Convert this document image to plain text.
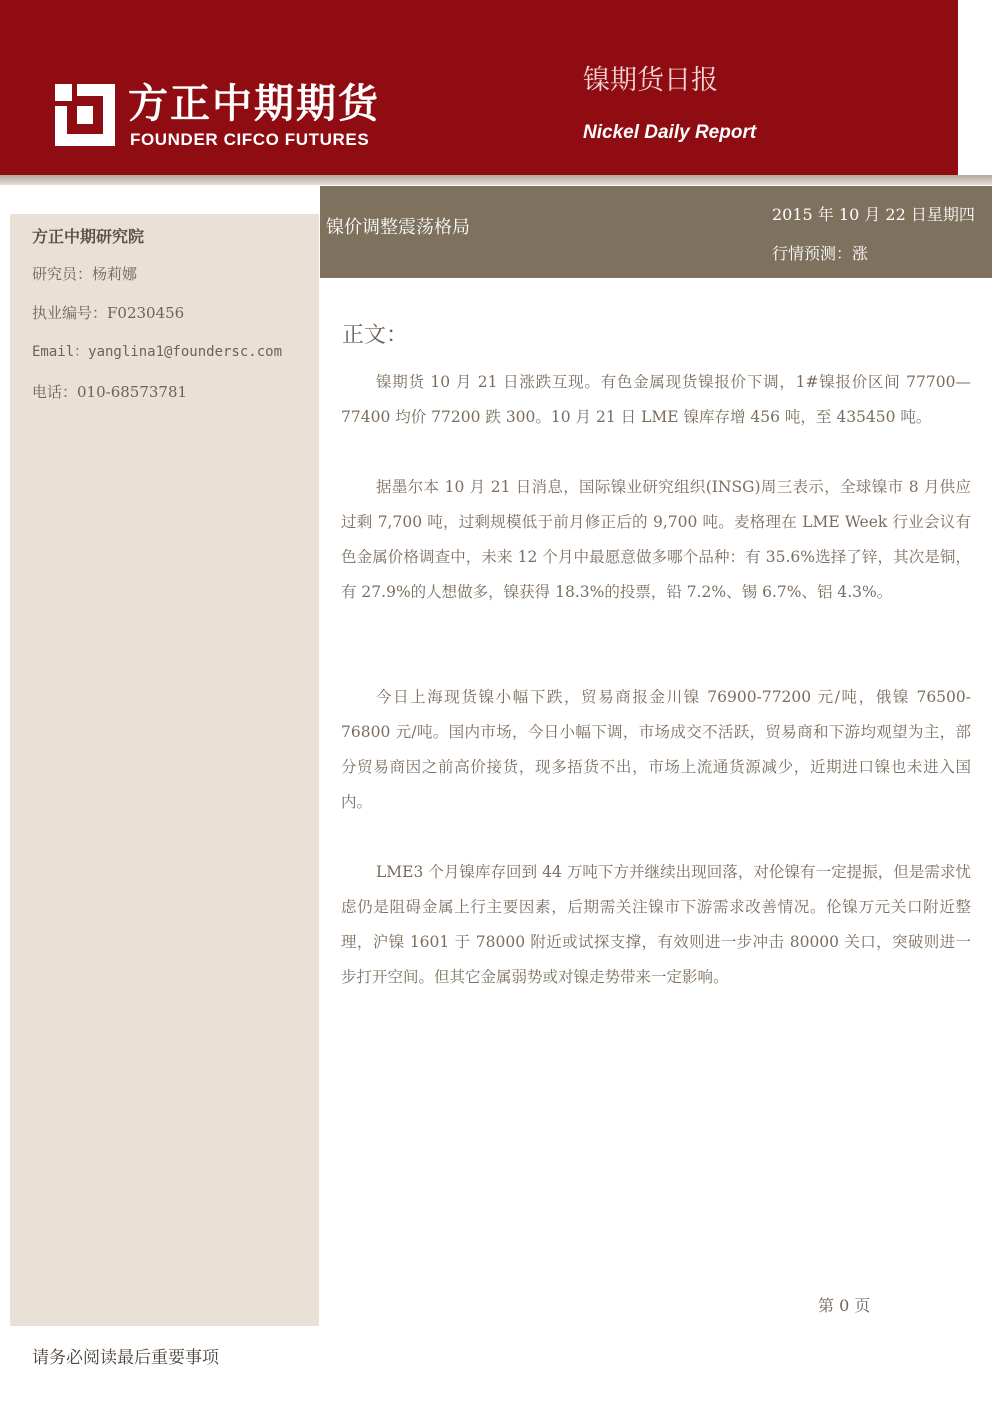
方正中期期货
FOUNDER CIFCO FUTURES
镍期货日报
Nickel Daily Report
方正中期研究院
研究员：杨莉娜
执业编号：F0230456
Email：yanglina1@foundersc.com
电话：010-68573781
镍价调整震荡格局
2015 年 10 月 22 日星期四
行情预测：涨
正文：

镍期货 10 月 21 日涨跌互现。有色金属现货镍报价下调，1#镍报价区间 77700—77400 均价 77200 跌 300。10 月 21 日 LME 镍库存增 456 吨，至 435450 吨。

据墨尔本 10 月 21 日消息，国际镍业研究组织(INSG)周三表示，全球镍市 8 月供应过剩 7,700 吨，过剩规模低于前月修正后的 9,700 吨。麦格理在 LME Week 行业会议有色金属价格调查中，未来 12 个月中最愿意做多哪个品种：有 35.6%选择了锌，其次是铜，有 27.9%的人想做多，镍获得 18.3%的投票，铅 7.2%、锡 6.7%、铝 4.3%。

今日上海现货镍小幅下跌，贸易商报金川镍 76900-77200 元/吨，俄镍 76500-76800 元/吨。国内市场，今日小幅下调，市场成交不活跃，贸易商和下游均观望为主，部分贸易商因之前高价接货，现多捂货不出，市场上流通货源减少，近期进口镍也未进入国内。

LME3 个月镍库存回到 44 万吨下方并继续出现回落，对伦镍有一定提振，但是需求忧虑仍是阻碍金属上行主要因素，后期需关注镍市下游需求改善情况。伦镍万元关口附近整理，沪镍 1601 于 78000 附近或试探支撑，有效则进一步冲击 80000 关口，突破则进一步打开空间。但其它金属弱势或对镍走势带来一定影响。

第 0 页
请务必阅读最后重要事项
